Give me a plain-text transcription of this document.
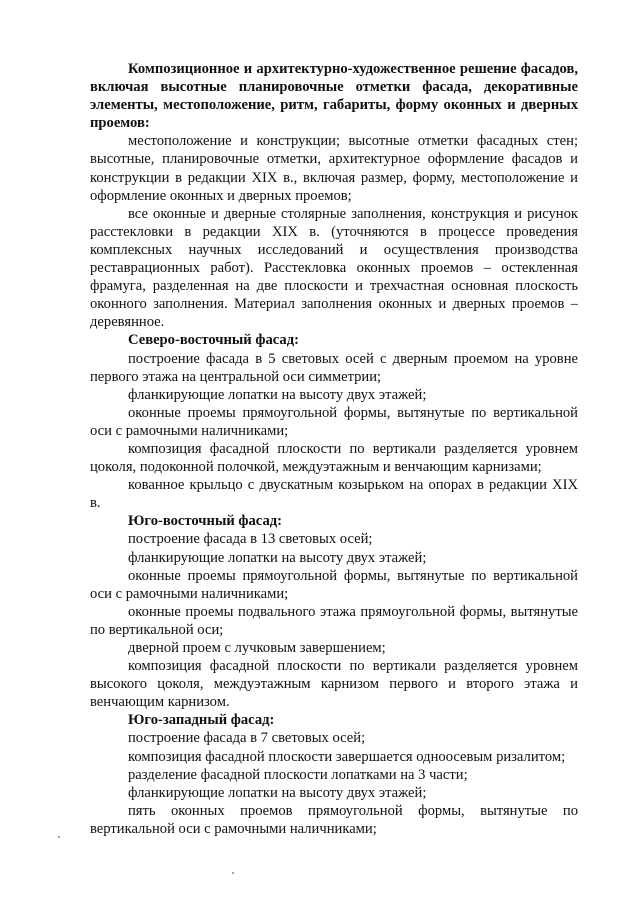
Композиционное и архитектурно-художественное решение фасадов, включая высотные планировочные отметки фасада, декоративные элементы, местоположение, ритм, габариты, форму оконных и дверных проемов:

местоположение и конструкции; высотные отметки фасадных стен; высотные, планировочные отметки, архитектурное оформление фасадов и конструкции в редакции XIX в., включая размер, форму, местоположение и оформление оконных и дверных проемов;

все оконные и дверные столярные заполнения, конструкция и рисунок расстекловки в редакции XIX в. (уточняются в процессе проведения комплексных научных исследований и осуществления производства реставрационных работ). Расстекловка оконных проемов – остекленная фрамуга, разделенная на две плоскости и трехчастная основная плоскость оконного заполнения. Материал заполнения оконных и дверных проемов – деревянное.

Северо-восточный фасад:

построение фасада в 5 световых осей с дверным проемом на уровне первого этажа на центральной оси симметрии;

фланкирующие лопатки на высоту двух этажей;

оконные проемы прямоугольной формы, вытянутые по вертикальной оси с рамочными наличниками;

композиция фасадной плоскости по вертикали разделяется уровнем цоколя, подоконной полочкой, междуэтажным и венчающим карнизами;

кованное крыльцо с двускатным козырьком на опорах в редакции XIX в.

Юго-восточный фасад:

построение фасада в 13 световых осей;

фланкирующие лопатки на высоту двух этажей;

оконные проемы прямоугольной формы, вытянутые по вертикальной оси с рамочными наличниками;

оконные проемы подвального этажа прямоугольной формы, вытянутые по вертикальной оси;

дверной проем с лучковым завершением;

композиция фасадной плоскости по вертикали разделяется уровнем высокого цоколя, междуэтажным карнизом первого и второго этажа и венчающим карнизом.

Юго-западный фасад:

построение фасада в 7 световых осей;

композиция фасадной плоскости завершается одноосевым ризалитом;

разделение фасадной плоскости лопатками на 3 части;

фланкирующие лопатки на высоту двух этажей;

пять оконных проемов прямоугольной формы, вытянутые по вертикальной оси с рамочными наличниками;
